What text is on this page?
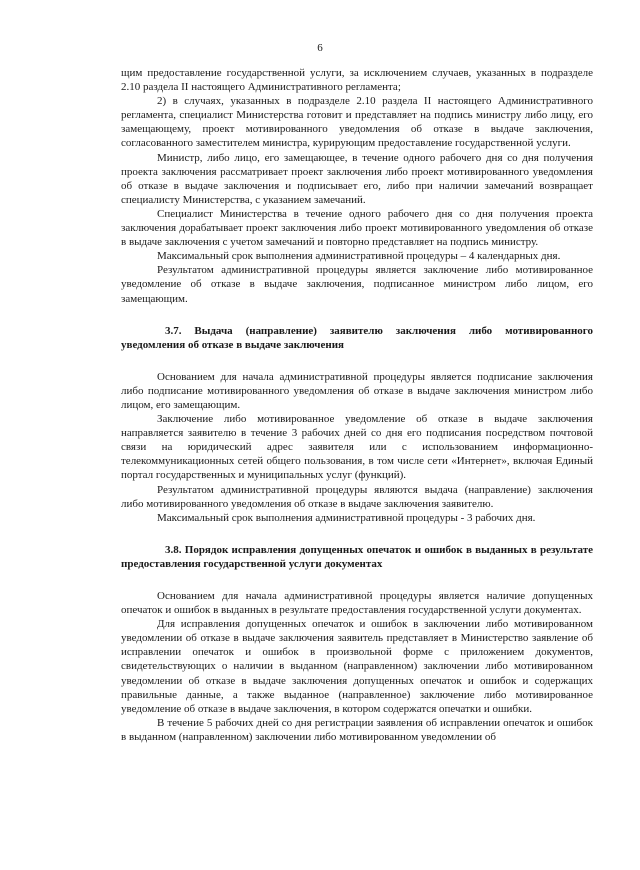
6

щим предоставление государственной услуги, за исключением случаев, указанных в подразделе 2.10 раздела II настоящего Административного регламента;

2) в случаях, указанных в подразделе 2.10 раздела II настоящего Административного регламента, специалист Министерства готовит и представляет на подпись министру либо лицу, его замещающему, проект мотивированного уведомления об отказе в выдаче заключения, согласованного заместителем министра, курирующим предоставление государственной услуги.

Министр, либо лицо, его замещающее, в течение одного рабочего дня со дня получения проекта заключения рассматривает проект заключения либо проект мотивированного уведомления об отказе в выдаче заключения и подписывает его, либо при наличии замечаний возвращает специалисту Министерства, с указанием замечаний.

Специалист Министерства в течение одного рабочего дня со дня получения проекта заключения дорабатывает проект заключения либо проект мотивированного уведомления об отказе в выдаче заключения с учетом замечаний и повторно представляет на подпись министру.

Максимальный срок выполнения административной процедуры – 4 календарных дня.

Результатом административной процедуры является заключение либо мотивированное уведомление об отказе в выдаче заключения, подписанное министром либо лицом, его замещающим.

3.7. Выдача (направление) заявителю заключения либо мотивированного уведомления об отказе в выдаче заключения

Основанием для начала административной процедуры является подписание заключения либо подписание мотивированного уведомления об отказе в выдаче заключения министром либо лицом, его замещающим.

Заключение либо мотивированное уведомление об отказе в выдаче заключения направляется заявителю в течение 3 рабочих дней со дня его подписания посредством почтовой связи на юридический адрес заявителя или с использованием информационно-телекоммуникационных сетей общего пользования, в том числе сети «Интернет», включая Единый портал государственных и муниципальных услуг (функций).

Результатом административной процедуры являются выдача (направление) заключения либо мотивированного уведомления об отказе в выдаче заключения заявителю.

Максимальный срок выполнения административной процедуры - 3 рабочих дня.

3.8. Порядок исправления допущенных опечаток и ошибок в выданных в результате предоставления государственной услуги документах

Основанием для начала административной процедуры является наличие допущенных опечаток и ошибок в выданных в результате предоставления государственной услуги документах.

Для исправления допущенных опечаток и ошибок в заключении либо мотивированном уведомлении об отказе в выдаче заключения заявитель представляет в Министерство заявление об исправлении опечаток и ошибок в произвольной форме с приложением документов, свидетельствующих о наличии в выданном (направленном) заключении либо мотивированном уведомлении об отказе в выдаче заключения допущенных опечаток и ошибок и содержащих правильные данные, а также выданное (направленное) заключение либо мотивированное уведомление об отказе в выдаче заключения, в котором содержатся опечатки и ошибки.

В течение 5 рабочих дней со дня регистрации заявления об исправлении опечаток и ошибок в выданном (направленном) заключении либо мотивированном уведомлении об
